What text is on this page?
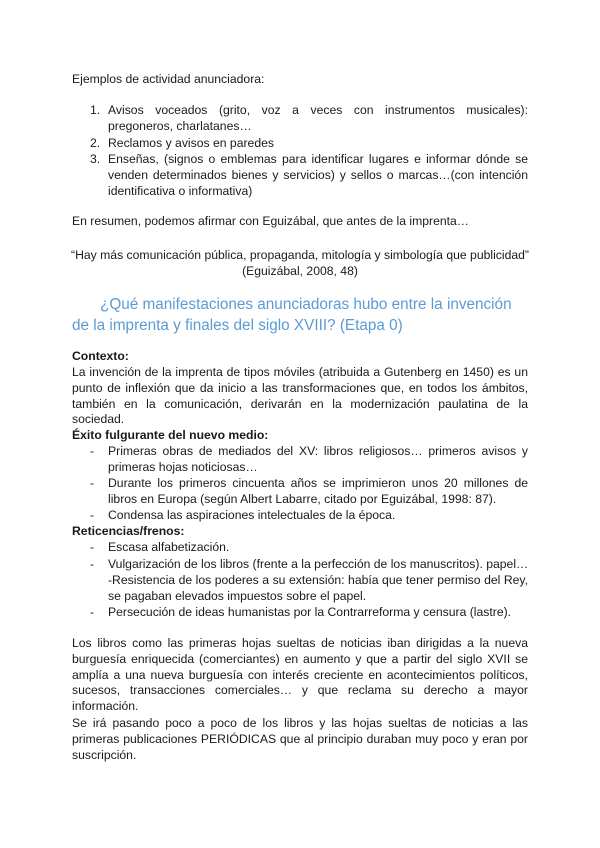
Ejemplos de actividad anunciadora:
1. Avisos voceados (grito, voz a veces con instrumentos musicales): pregoneros, charlatanes…
2. Reclamos y avisos en paredes
3. Enseñas, (signos o emblemas para identificar lugares e informar dónde se venden determinados bienes y servicios) y sellos o marcas…(con intención identificativa o informativa)
En resumen, podemos afirmar con Eguizábal, que antes de la imprenta…
“Hay más comunicación pública, propaganda, mitología y simbología que publicidad”
(Eguizábal, 2008, 48)
¿Qué manifestaciones anunciadoras hubo entre la invención de la imprenta y finales del siglo XVIII? (Etapa 0)
Contexto:
La invención de la imprenta de tipos móviles (atribuida a Gutenberg en 1450) es un punto de inflexión que da inicio a las transformaciones que, en todos los ámbitos, también en la comunicación, derivarán en la modernización paulatina de la sociedad.
Éxito fulgurante del nuevo medio:
- Primeras obras de mediados del XV: libros religiosos… primeros avisos y primeras hojas noticiosas…
- Durante los primeros cincuenta años se imprimieron unos 20 millones de libros en Europa (según Albert Labarre, citado por Eguizábal, 1998: 87).
- Condensa las aspiraciones intelectuales de la época.
Reticencias/frenos:
- Escasa alfabetización.
- Vulgarización de los libros (frente a la perfección de los manuscritos). papel…
-Resistencia de los poderes a su extensión: había que tener permiso del Rey, se pagaban elevados impuestos sobre el papel.
- Persecución de ideas humanistas por la Contrarreforma y censura (lastre).
Los libros como las primeras hojas sueltas de noticias iban dirigidas a la nueva burguesía enriquecida (comerciantes) en aumento y que a partir del siglo XVII se amplía a una nueva burguesía con interés creciente en acontecimientos políticos, sucesos, transacciones comerciales… y que reclama su derecho a mayor información.
Se irá pasando poco a poco de los libros y las hojas sueltas de noticias a las primeras publicaciones PERIÓDICAS que al principio duraban muy poco y eran por suscripción.
